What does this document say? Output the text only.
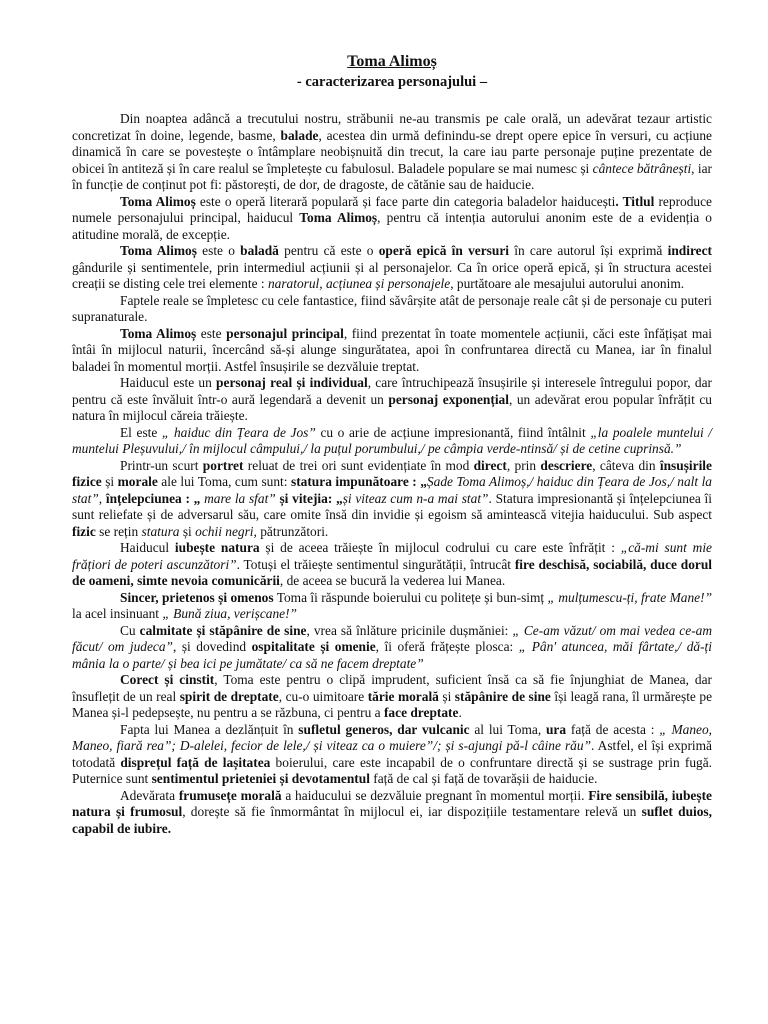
Toma Alimoș
- caracterizarea personajului –

Din noaptea adâncă a trecutului nostru, străbunii ne-au transmis pe cale orală, un adevărat tezaur artistic concretizat în doine, legende, basme, balade, acestea din urmă definindu-se drept opere epice în versuri, cu acțiune dinamică în care se povestește o întâmplare neobișnuită din trecut, la care iau parte personaje puține prezentate de obicei în antiteză și în care realul se împletește cu fabulosul. Baladele populare se mai numesc și cântece bătrânești, iar în funcție de conținut pot fi: păstorești, de dor, de dragoste, de cătănie sau de haiducie.

Toma Alimoș este o operă literară populară și face parte din categoria baladelor haiducești. Titlul reproduce numele personajului principal, haiducul Toma Alimoș, pentru că intenția autorului anonim este de a evidenția o atitudine morală, de excepție.

Toma Alimoș este o baladă pentru că este o operă epică în versuri în care autorul își exprimă indirect gândurile și sentimentele, prin intermediul acțiunii și al personajelor. Ca în orice operă epică, și în structura acestei creații se disting cele trei elemente : naratorul, acțiunea și personajele, purtătoare ale mesajului autorului anonim.

Faptele reale se împletesc cu cele fantastice, fiind săvârșite atât de personaje reale cât și de personaje cu puteri supranaturale.

Toma Alimoș este personajul principal, fiind prezentat în toate momentele acțiunii, căci este înfățișat mai întâi în mijlocul naturii, încercând să-și alunge singurătatea, apoi în confruntarea directă cu Manea, iar în finalul baladei în momentul morții. Astfel însușirile se dezvăluie treptat.

Haiducul este un personaj real și individual, care întruchipează însușirile și interesele întregului popor, dar pentru că este învăluit într-o aură legendară a devenit un personaj exponențial, un adevărat erou popular înfrățit cu natura în mijlocul căreia trăiește.

El este „ haiduc din Țeara de Jos” cu o arie de acțiune impresionantă, fiind întâlnit „la poalele muntelui / muntelui Pleșuvului,/ în mijlocul câmpului,/ la puțul porumbului,/ pe câmpia verde-ntinsă/ și de cetine cuprinsă.”

Printr-un scurt portret reluat de trei ori sunt evidențiate în mod direct, prin descriere, câteva din însușirile fizice și morale ale lui Toma, cum sunt: statura impunătoare : „Șade Toma Alimoș,/ haiduc din Țeara de Jos,/ nalt la stat”, înțelepciunea : „ mare la sfat” și vitejia: „și viteaz cum n-a mai stat”. Statura impresionantă și înțelepciunea îi sunt reliefate și de adversarul său, care omite însă din invidie și egoism să amintească vitejia haiducului. Sub aspect fizic se rețin statura și ochii negri, pătrunzători.

Haiducul iubește natura și de aceea trăiește în mijlocul codrului cu care este înfrățit : „că-mi sunt mie frățiori de poteri ascunzători”. Totuși el trăiește sentimentul singurătății, întrucât fire deschisă, sociabilă, duce dorul de oameni, simte nevoia comunicării, de aceea se bucură la vederea lui Manea.

Sincer, prietenos și omenos Toma îi răspunde boierului cu politețe și bun-simț „ mulțumescu-ți, frate Mane!” la acel insinuant „ Bună ziua, verișcane!”

Cu calmitate și stăpânire de sine, vrea să înlăture pricinile dușmăniei: „ Ce-am văzut/ om mai vedea ce-am făcut/ om judeca”, și dovedind ospitalitate și omenie, îi oferă frățește plosca: „ Pân' atuncea, măi fârtate,/ dă-ți mânia la o parte/ și bea ici pe jumătate/ ca să ne facem dreptate”

Corect și cinstit, Toma este pentru o clipă imprudent, suficient însă ca să fie înjunghiat de Manea, dar însuflețit de un real spirit de dreptate, cu-o uimitoare tărie morală și stăpânire de sine își leagă rana, îl urmărește pe Manea și-l pedepsește, nu pentru a se răzbuna, ci pentru a face dreptate.

Fapta lui Manea a dezlănțuit în sufletul generos, dar vulcanic al lui Toma, ura față de acesta : „ Maneo, Maneo, fiară rea”; D-alelei, fecior de lele,/ și viteaz ca o muiere”/; și s-ajungi pă-l câine rău”. Astfel, el își exprimă totodată disprețul față de lașitatea boierului, care este incapabil de o confruntare directă și se sustrage prin fugă. Puternice sunt sentimentul prieteniei și devotamentul față de cal și față de tovarășii de haiducie.

Adevărata frumusețe morală a haiducului se dezvăluie pregnant în momentul morții. Fire sensibilă, iubește natura și frumosul, dorește să fie înmormântat în mijlocul ei, iar dispozițiile testamentare relevă un suflet duios, capabil de iubire.
